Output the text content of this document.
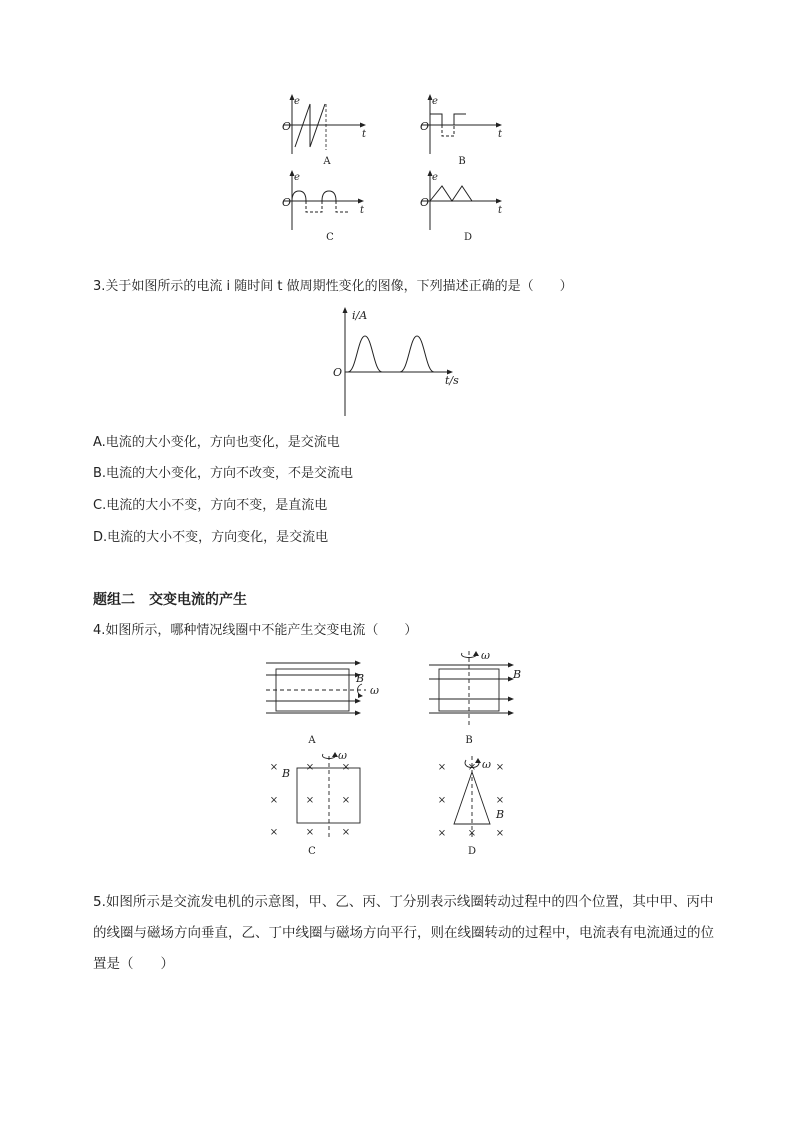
e
O
t
A
e
O
t
B
e
O
t
C
e
O
t
D
3.关于如图所示的电流 i 随时间 t 做周期性变化的图像，下列描述正确的是（　　）
i/A
O
t/s
A.电流的大小变化，方向也变化，是交流电
B.电流的大小变化，方向不改变，不是交流电
C.电流的大小不变，方向不变，是直流电
D.电流的大小不变，方向变化，是交流电
题组二　交变电流的产生
4.如图所示，哪种情况线圈中不能产生交变电流（　　）
B
ω
A
ω
B
B
ω
B
×	×	×
×	×	×
×	×	×
C
ω
B
× × ×
×	×
× × ×
D
5.如图所示是交流发电机的示意图，甲、乙、丙、丁分别表示线圈转动过程中的四个位置，其中甲、丙中的线圈与磁场方向垂直，乙、丁中线圈与磁场方向平行，则在线圈转动的过程中，电流表有电流通过的位置是（　　）
